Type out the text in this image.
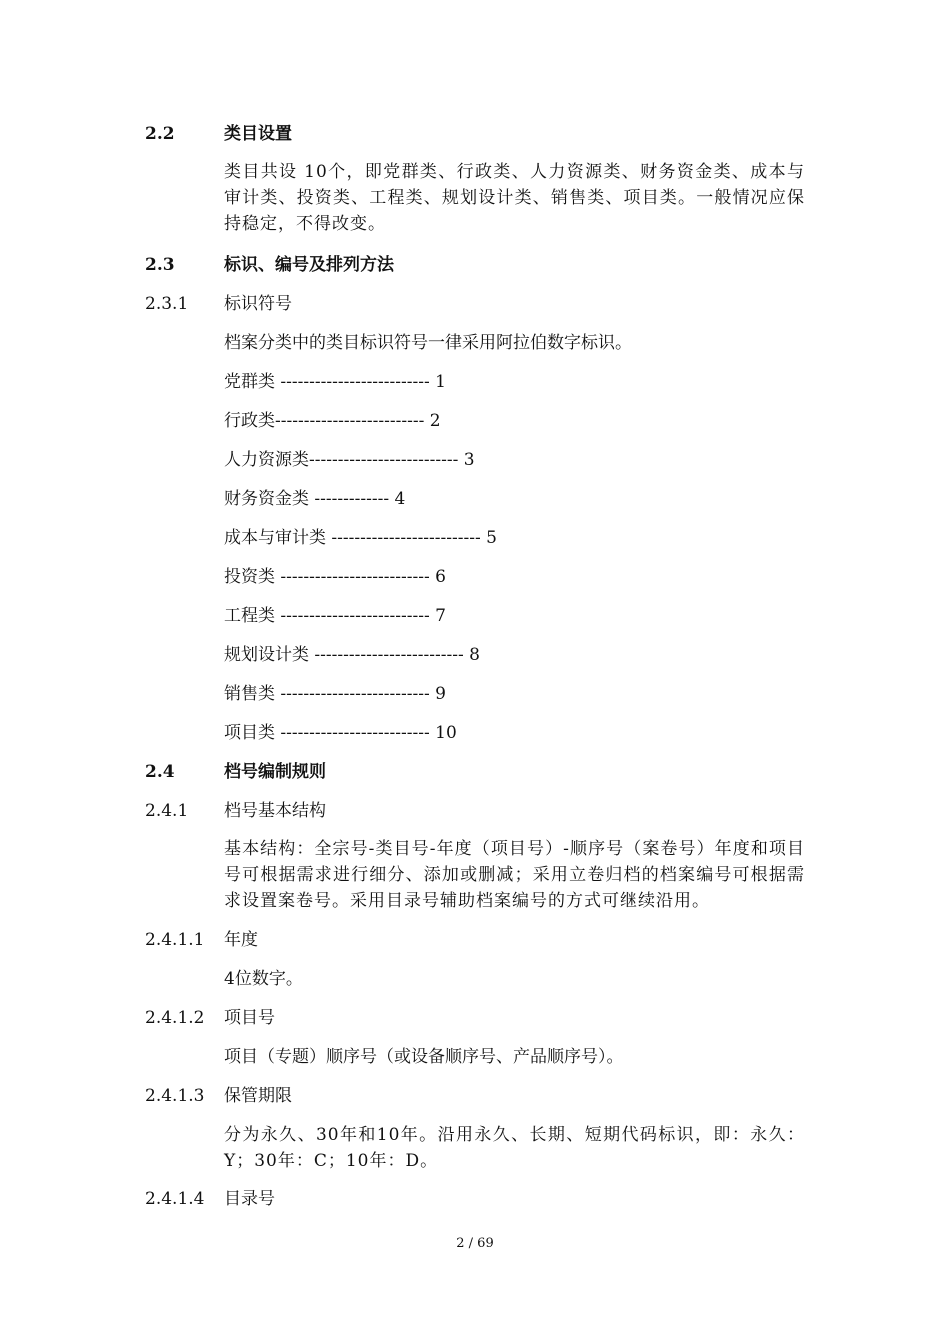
2.2	类目设置
类目共设 10个，即党群类、行政类、人力资源类、财务资金类、成本与审计类、投资类、工程类、规划设计类、销售类、项目类。一般情况应保持稳定，不得改变。
2.3	标识、编号及排列方法
2.3.1 标识符号
档案分类中的类目标识符号一律采用阿拉伯数字标识。
党群类 -------------------------- 1
行政类-------------------------- 2
人力资源类-------------------------- 3
财务资金类 ------------- 4
成本与审计类 -------------------------- 5
投资类 -------------------------- 6
工程类 -------------------------- 7
规划设计类 -------------------------- 8
销售类 -------------------------- 9
项目类 -------------------------- 10
2.4	档号编制规则
2.4.1 档号基本结构
基本结构：全宗号-类目号-年度（项目号）-顺序号（案卷号）年度和项目号可根据需求进行细分、添加或删减；采用立卷归档的档案编号可根据需求设置案卷号。采用目录号辅助档案编号的方式可继续沿用。
2.4.1.1 年度
4位数字。
2.4.1.2 项目号
项目（专题）顺序号（或设备顺序号、产品顺序号）。
2.4.1.3 保管期限
分为永久、30年和10年。沿用永久、长期、短期代码标识，即：永久：Y；30年：C；10年：D。
2.4.1.4 目录号
2 / 69
